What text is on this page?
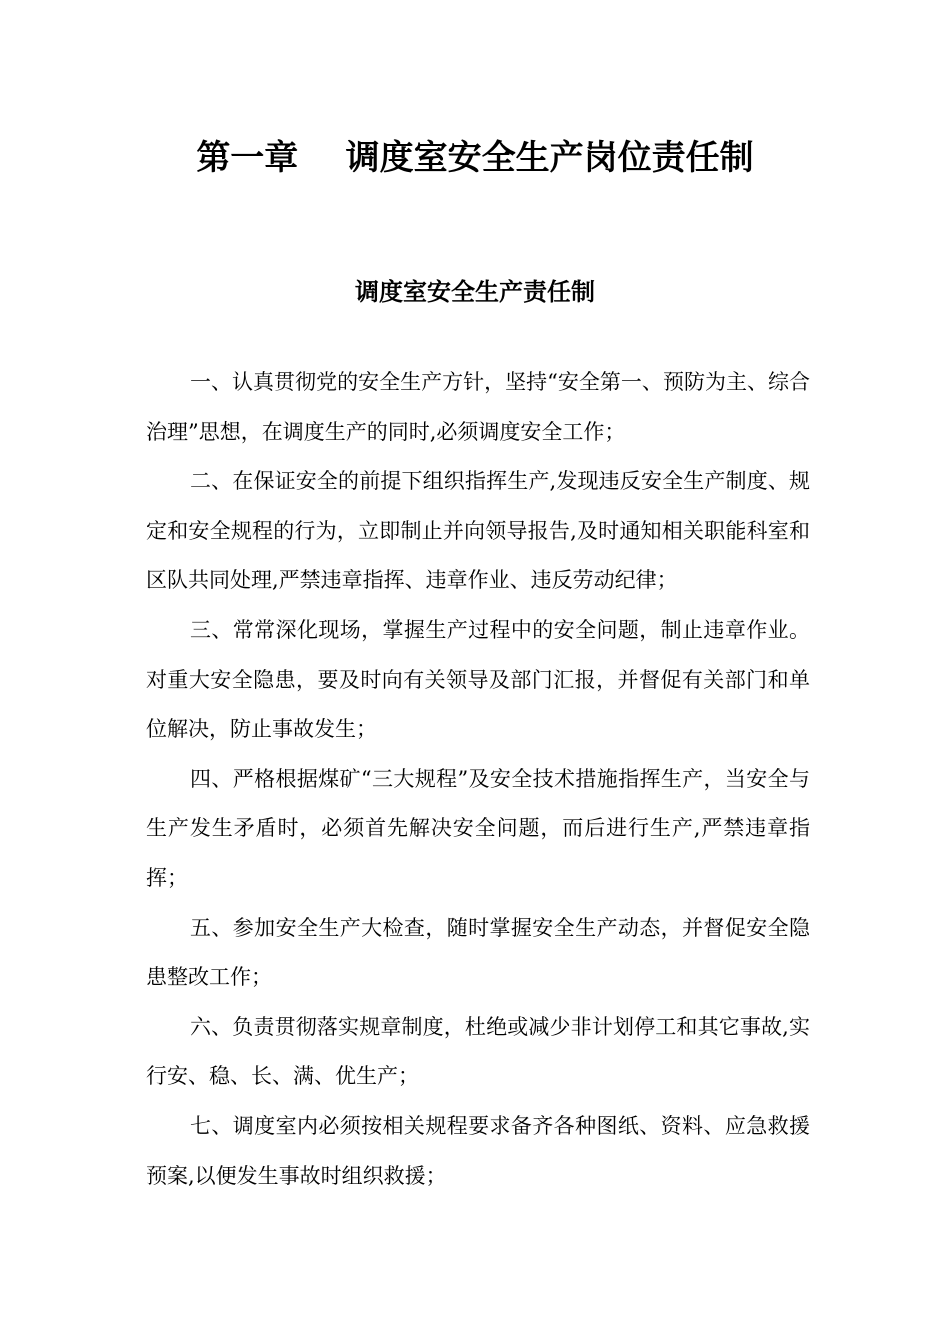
第一章    调度室安全生产岗位责任制
调度室安全生产责任制

一、认真贯彻党的安全生产方针，坚持“安全第一、预防为主、综合治理”思想，在调度生产的同时,必须调度安全工作；

二、在保证安全的前提下组织指挥生产,发现违反安全生产制度、规定和安全规程的行为，立即制止并向领导报告,及时通知相关职能科室和区队共同处理,严禁违章指挥、违章作业、违反劳动纪律；

三、常常深化现场，掌握生产过程中的安全问题，制止违章作业。对重大安全隐患，要及时向有关领导及部门汇报，并督促有关部门和单位解决，防止事故发生；

四、严格根据煤矿“三大规程”及安全技术措施指挥生产，当安全与生产发生矛盾时，必须首先解决安全问题，而后进行生产,严禁违章指挥；

五、参加安全生产大检查，随时掌握安全生产动态，并督促安全隐患整改工作；

六、负责贯彻落实规章制度，杜绝或减少非计划停工和其它事故,实行安、稳、长、满、优生产；

七、调度室内必须按相关规程要求备齐各种图纸、资料、应急救援预案,以便发生事故时组织救援；
